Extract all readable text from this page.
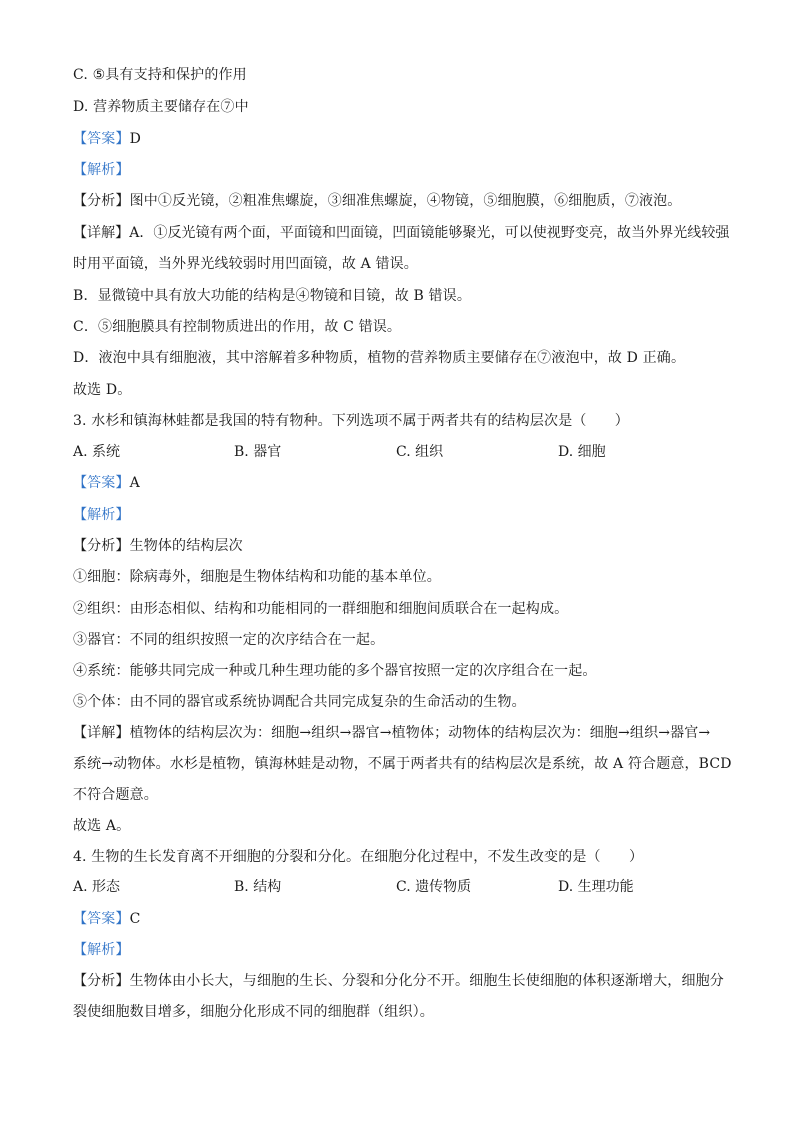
C. ⑤具有支持和保护的作用
D. 营养物质主要储存在⑦中
【答案】D
【解析】
【分析】图中①反光镜，②粗准焦螺旋，③细准焦螺旋，④物镜，⑤细胞膜，⑥细胞质，⑦液泡。
【详解】A．①反光镜有两个面，平面镜和凹面镜，凹面镜能够聚光，可以使视野变亮，故当外界光线较强
时用平面镜，当外界光线较弱时用凹面镜，故 A 错误。
B．显微镜中具有放大功能的结构是④物镜和目镜，故 B 错误。
C．⑤细胞膜具有控制物质进出的作用，故 C 错误。
D．液泡中具有细胞液，其中溶解着多种物质，植物的营养物质主要储存在⑦液泡中，故 D 正确。
故选 D。
3. 水杉和镇海林蛙都是我国的特有物种。下列选项不属于两者共有的结构层次是（　　）
A. 系统	B. 器官	C. 组织	D. 细胞
【答案】A
【解析】
【分析】生物体的结构层次
①细胞：除病毒外，细胞是生物体结构和功能的基本单位。
②组织：由形态相似、结构和功能相同的一群细胞和细胞间质联合在一起构成。
③器官：不同的组织按照一定的次序结合在一起。
④系统：能够共同完成一种或几种生理功能的多个器官按照一定的次序组合在一起。
⑤个体：由不同的器官或系统协调配合共同完成复杂的生命活动的生物。
【详解】植物体的结构层次为：细胞→组织→器官→植物体；动物体的结构层次为：细胞→组织→器官→
系统→动物体。水杉是植物，镇海林蛙是动物，不属于两者共有的结构层次是系统，故 A 符合题意，BCD
不符合题意。
故选 A。
4. 生物的生长发育离不开细胞的分裂和分化。在细胞分化过程中，不发生改变的是（　　）
A. 形态	B. 结构	C. 遗传物质	D. 生理功能
【答案】C
【解析】
【分析】生物体由小长大，与细胞的生长、分裂和分化分不开。细胞生长使细胞的体积逐渐增大，细胞分
裂使细胞数目增多，细胞分化形成不同的细胞群（组织）。
